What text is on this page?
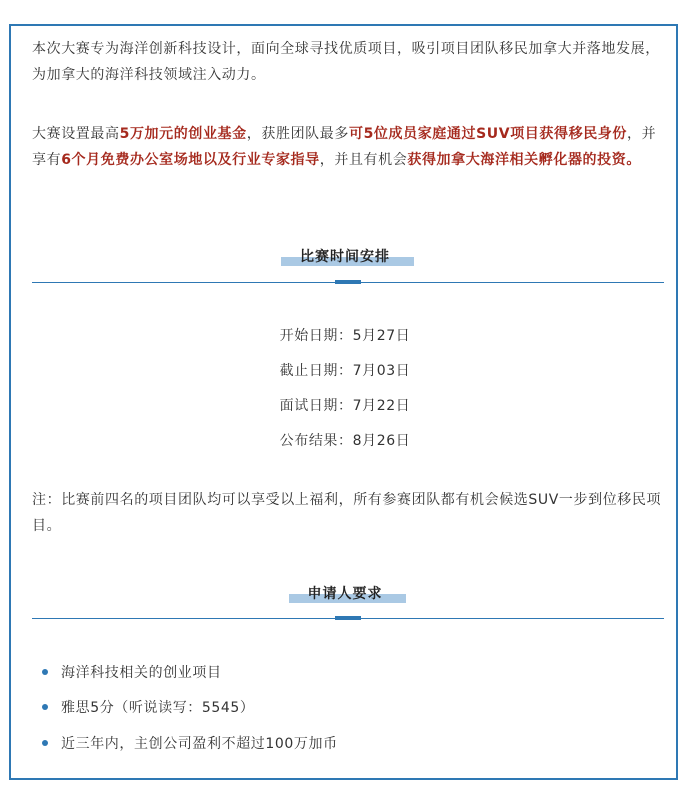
本次大赛专为海洋创新科技设计，面向全球寻找优质项目，吸引项目团队移民加拿大并落地发展，为加拿大的海洋科技领域注入动力。

大赛设置最高5万加元的创业基金，获胜团队最多可5位成员家庭通过SUV项目获得移民身份，并享有6个月免费办公室场地以及行业专家指导，并且有机会获得加拿大海洋相关孵化器的投资。

比赛时间安排
开始日期：5月27日
截止日期：7月03日
面试日期：7月22日
公布结果：8月26日

注：比赛前四名的项目团队均可以享受以上福利，所有参赛团队都有机会候选SUV一步到位移民项目。

申请人要求
海洋科技相关的创业项目
雅思5分（听说读写：5545）
近三年内，主创公司盈利不超过100万加币
